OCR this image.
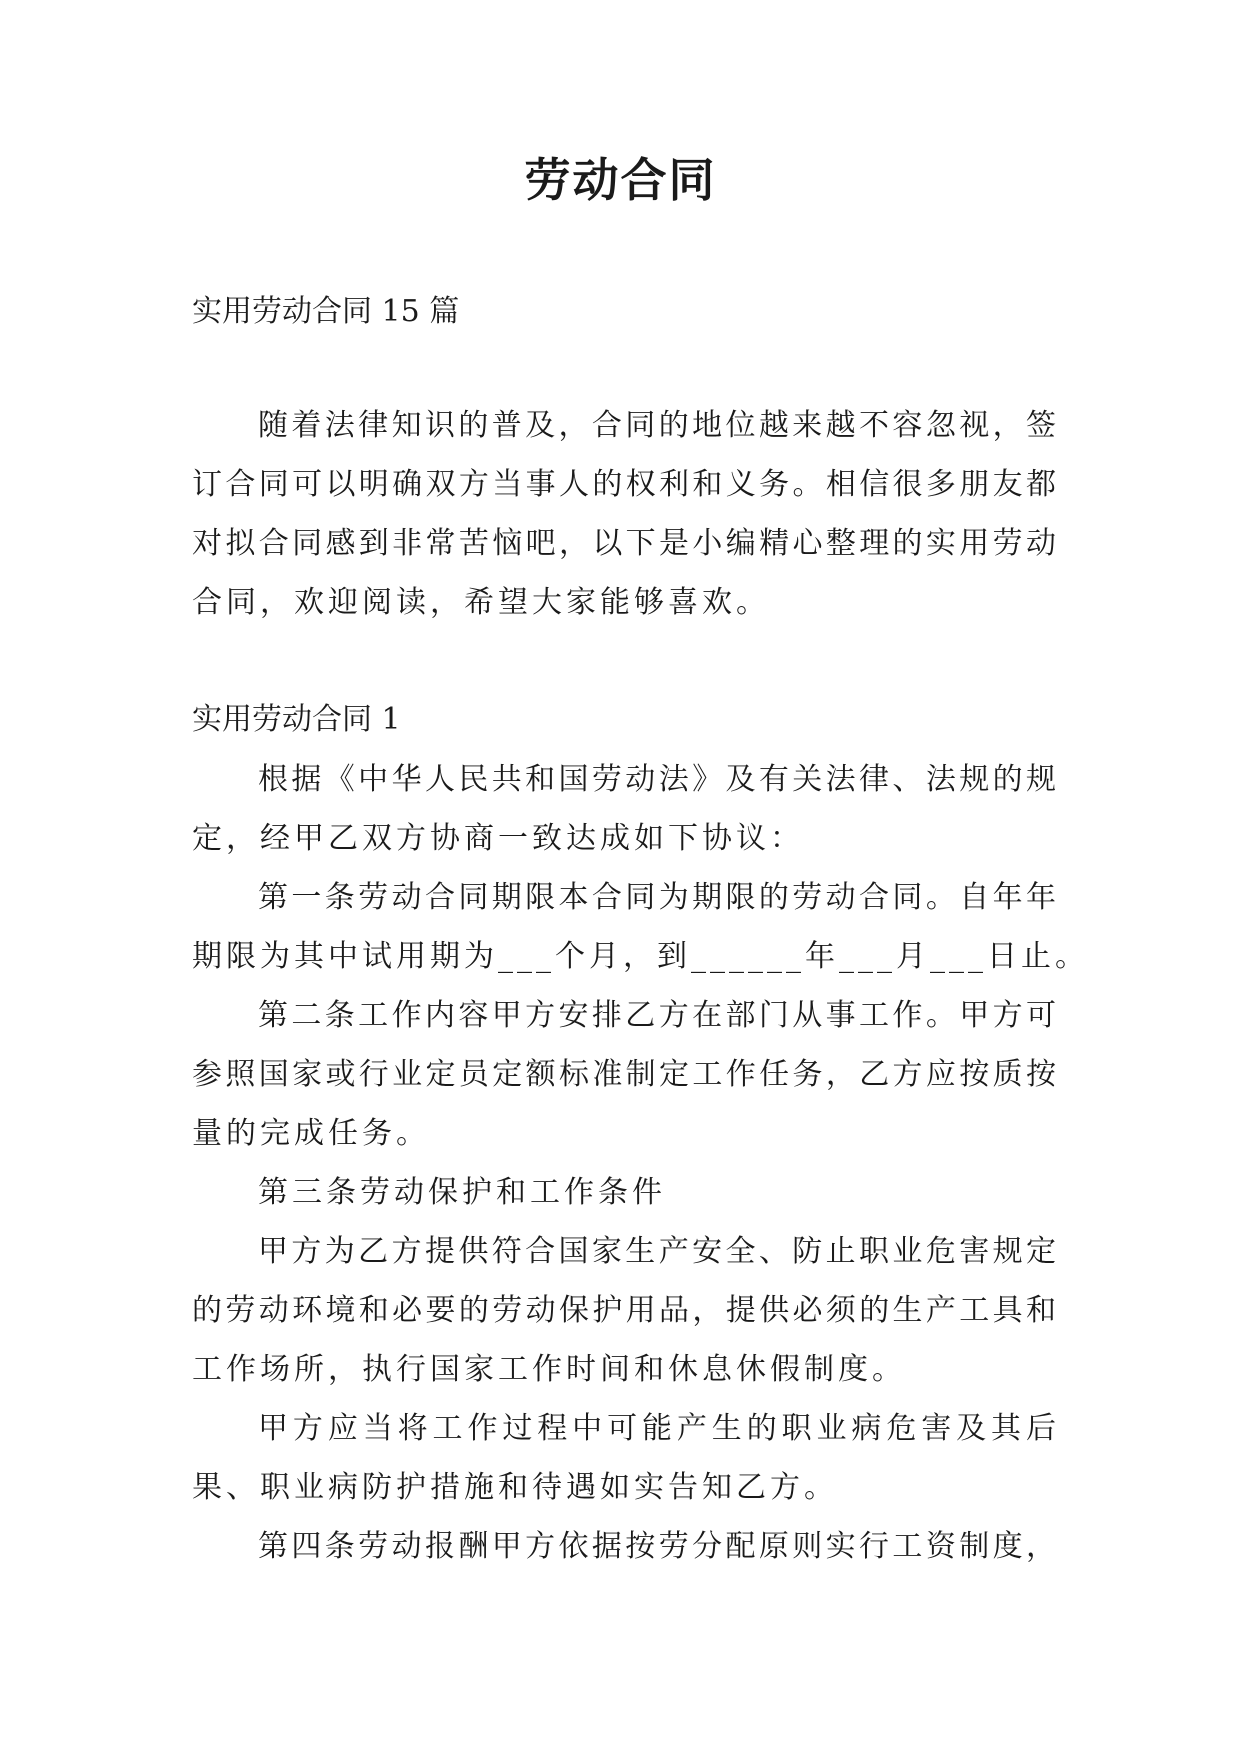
劳动合同

实用劳动合同 15 篇

随 着 法 律 知 识 的 普 及 ， 合 同 的 地 位 越 来 越 不 容 忽 视 ， 签
订 合 同 可 以 明 确 双 方 当 事 人 的 权 利 和 义 务 。 相 信 很 多 朋 友 都
对 拟 合 同 感 到 非 常 苦 恼 吧 ， 以 下 是 小 编 精 心 整 理 的 实 用 劳 动
合同，欢迎阅读，希望大家能够喜欢。

实用劳动合同 1

根 据 《 中 华 人 民 共 和 国 劳 动 法 》 及 有 关 法 律 、 法 规 的 规
定，经甲乙双方协商一致达成如下协议：
第 一 条 劳 动 合 同 期 限 本 合 同 为 期 限 的 劳 动 合 同 。 自 年 年
期限为其中试用期为___个月，到______年___月___日止。
第 二 条 工 作 内 容 甲 方 安 排 乙 方 在 部 门 从 事 工 作 。 甲 方 可
参 照 国 家 或 行 业 定 员 定 额 标 准 制 定 工 作 任 务 ， 乙 方 应 按 质 按
量的完成任务。
第三条劳动保护和工作条件
甲 方 为 乙 方 提 供 符 合 国 家 生 产 安 全 、 防 止 职 业 危 害 规 定
的 劳 动 环 境 和 必 要 的 劳 动 保 护 用 品 ， 提 供 必 须 的 生 产 工 具 和
工作场所，执行国家工作时间和休息休假制度。
甲 方 应 当 将 工 作 过 程 中 可 能 产 生 的 职 业 病 危 害 及 其 后
果、职业病防护措施和待遇如实告知乙方。
第 四 条 劳 动 报 酬 甲 方 依 据 按 劳 分 配 原 则 实 行 工 资 制 度 ，
